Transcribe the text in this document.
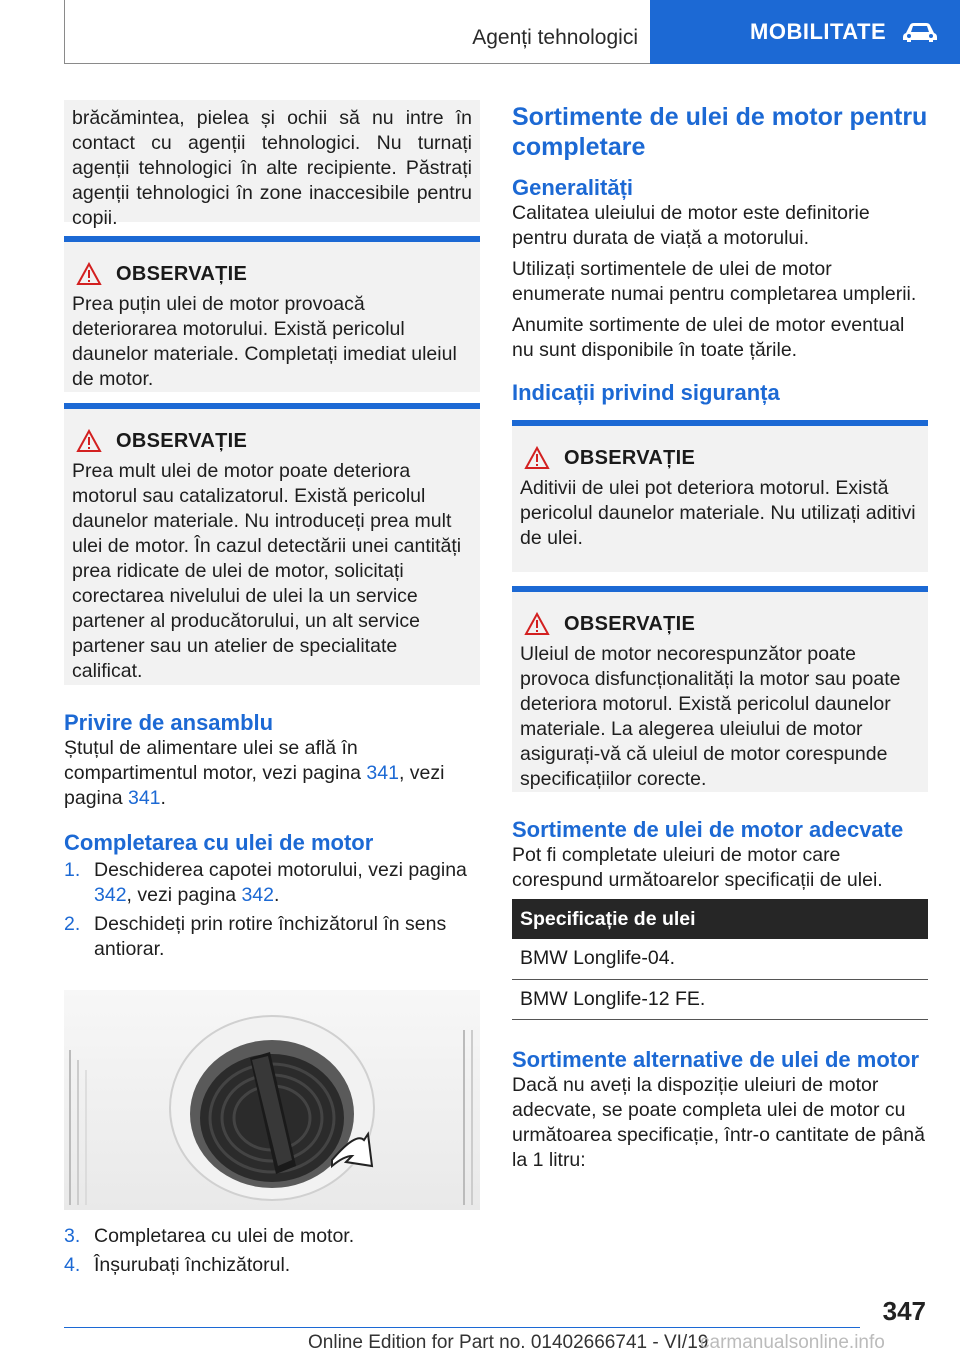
Agenți tehnologici	MOBILITATE

brăcămintea, pielea și ochii să nu intre în contact cu agenții tehnologici. Nu turnați agenții tehnologici în alte recipiente. Păstrați agenții tehnologici în zone inaccesibile pentru copii.

OBSERVAȚIE

Prea puțin ulei de motor provoacă deteriorarea motorului. Există pericolul daunelor materiale. Completați imediat uleiul de motor.

OBSERVAȚIE

Prea mult ulei de motor poate deteriora motorul sau catalizatorul. Există pericolul daunelor materiale. Nu introduceți prea mult ulei de motor. În cazul detectării unei cantități prea ridicate de ulei de motor, solicitați corectarea nivelului de ulei la un service partener al producătorului, un alt service partener sau un atelier de specialitate calificat.

Privire de ansamblu

Ștuțul de alimentare ulei se află în compartimentul motor, vezi pagina 341, vezi pagina 341.

Completarea cu ulei de motor
1. Deschiderea capotei motorului, vezi pagina 342, vezi pagina 342.
2. Deschideți prin rotire închizătorul în sens antiorar.
3. Completarea cu ulei de motor.
4. Înșurubați închizătorul.
Sortimente de ulei de motor pentru completare
Generalități

Calitatea uleiului de motor este definitorie pentru durata de viață a motorului.

Utilizați sortimentele de ulei de motor enumerate numai pentru completarea umplerii.

Anumite sortimente de ulei de motor eventual nu sunt disponibile în toate țările.

Indicații privind siguranța
OBSERVAȚIE

Aditivii de ulei pot deteriora motorul. Există pericolul daunelor materiale. Nu utilizați aditivi de ulei.

OBSERVAȚIE

Uleiul de motor necorespunzător poate provoca disfuncționalități la motor sau poate deteriora motorul. Există pericolul daunelor materiale. La alegerea uleiului de motor asigurați-vă că uleiul de motor corespunde specificațiilor corecte.

Sortimente de ulei de motor adecvate

Pot fi completate uleiuri de motor care corespund următoarelor specificații de ulei.

Specificație de ulei
BMW Longlife-04.
BMW Longlife-12 FE.
Sortimente alternative de ulei de motor

Dacă nu aveți la dispoziție uleiuri de motor adecvate, se poate completa ulei de motor cu următoarea specificație, într-o cantitate de până la 1 litru:

347
Online Edition for Part no. 01402666741 - VI/19
carmanualsonline.info
